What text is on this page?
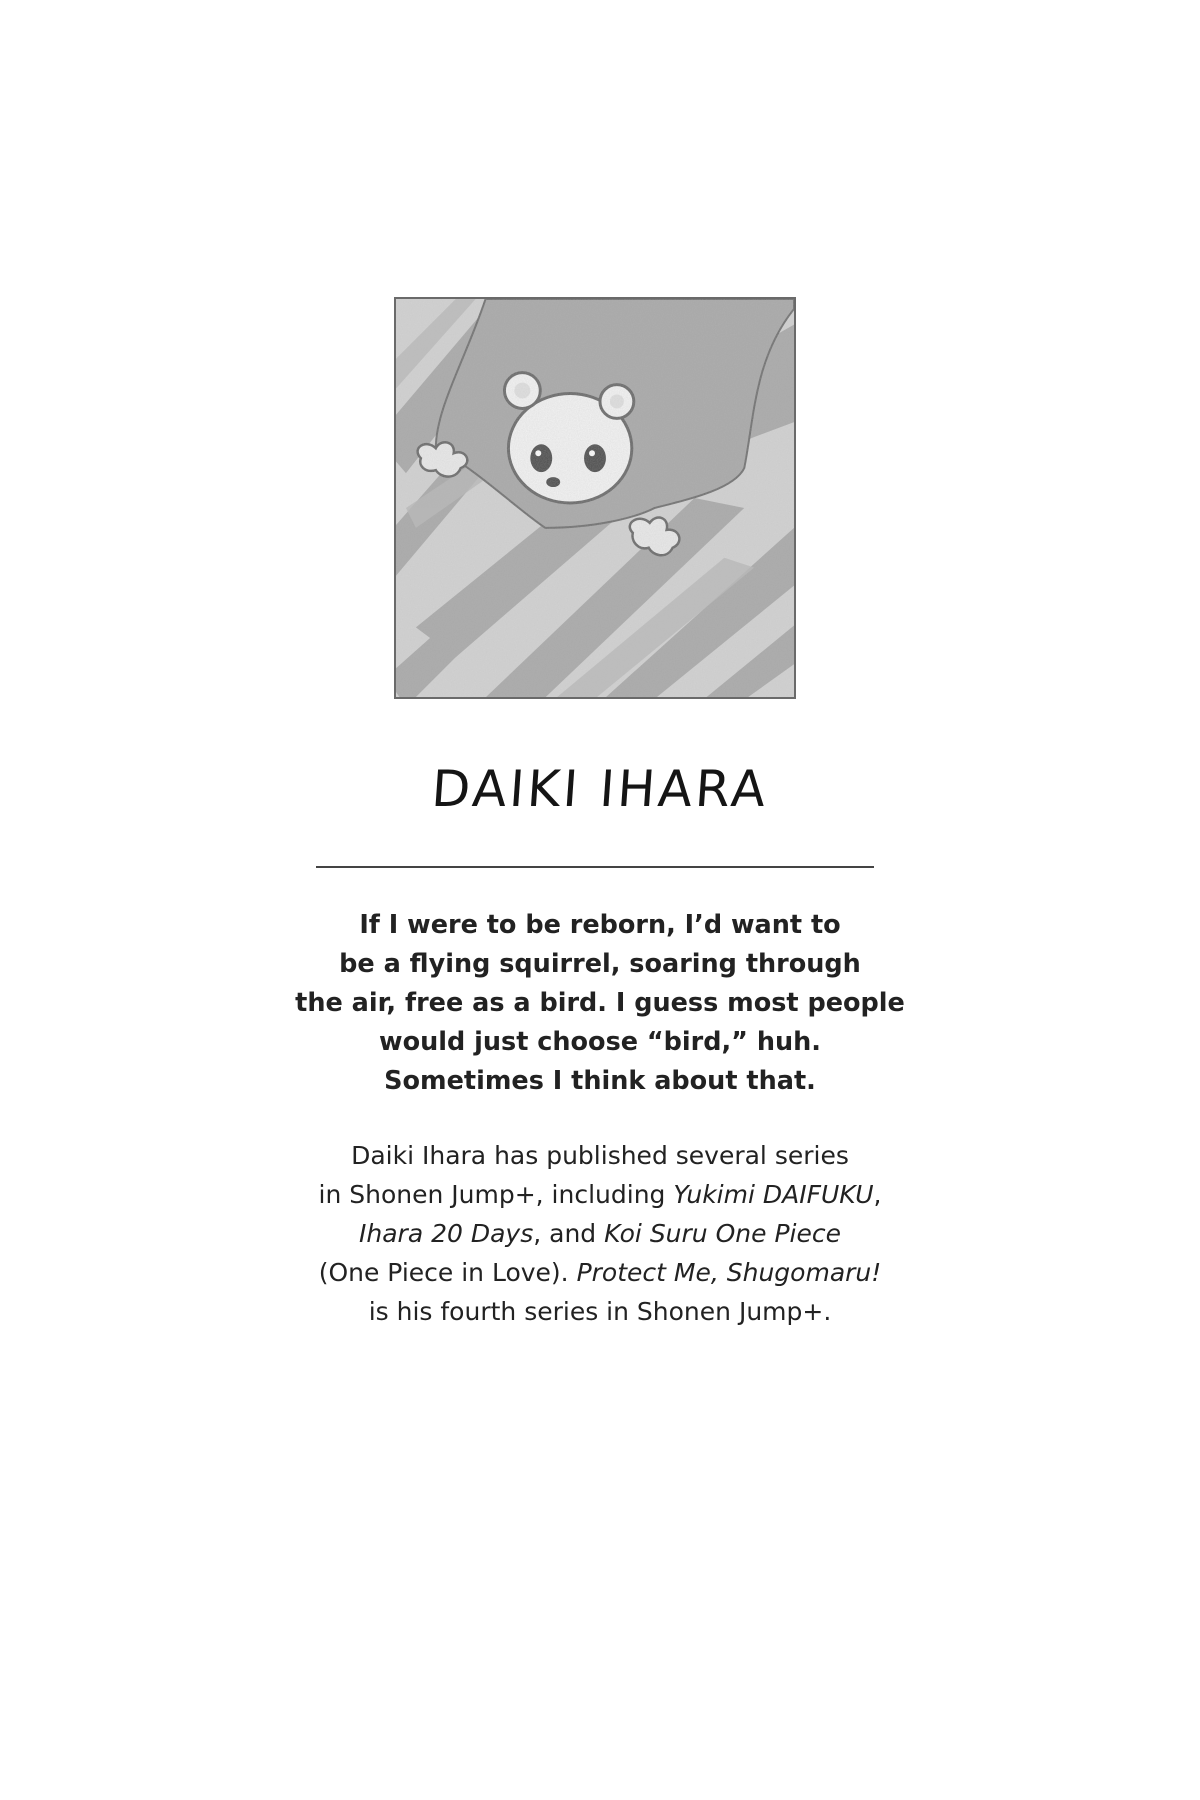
DAIKI IHARA
If I were to be reborn, I’d want to
be a flying squirrel, soaring through
the air, free as a bird. I guess most people
would just choose “bird,” huh.
Sometimes I think about that.
Daiki Ihara has published several series
in Shonen Jump+, including Yukimi DAIFUKU,
Ihara 20 Days, and Koi Suru One Piece
(One Piece in Love). Protect Me, Shugomaru!
is his fourth series in Shonen Jump+.
